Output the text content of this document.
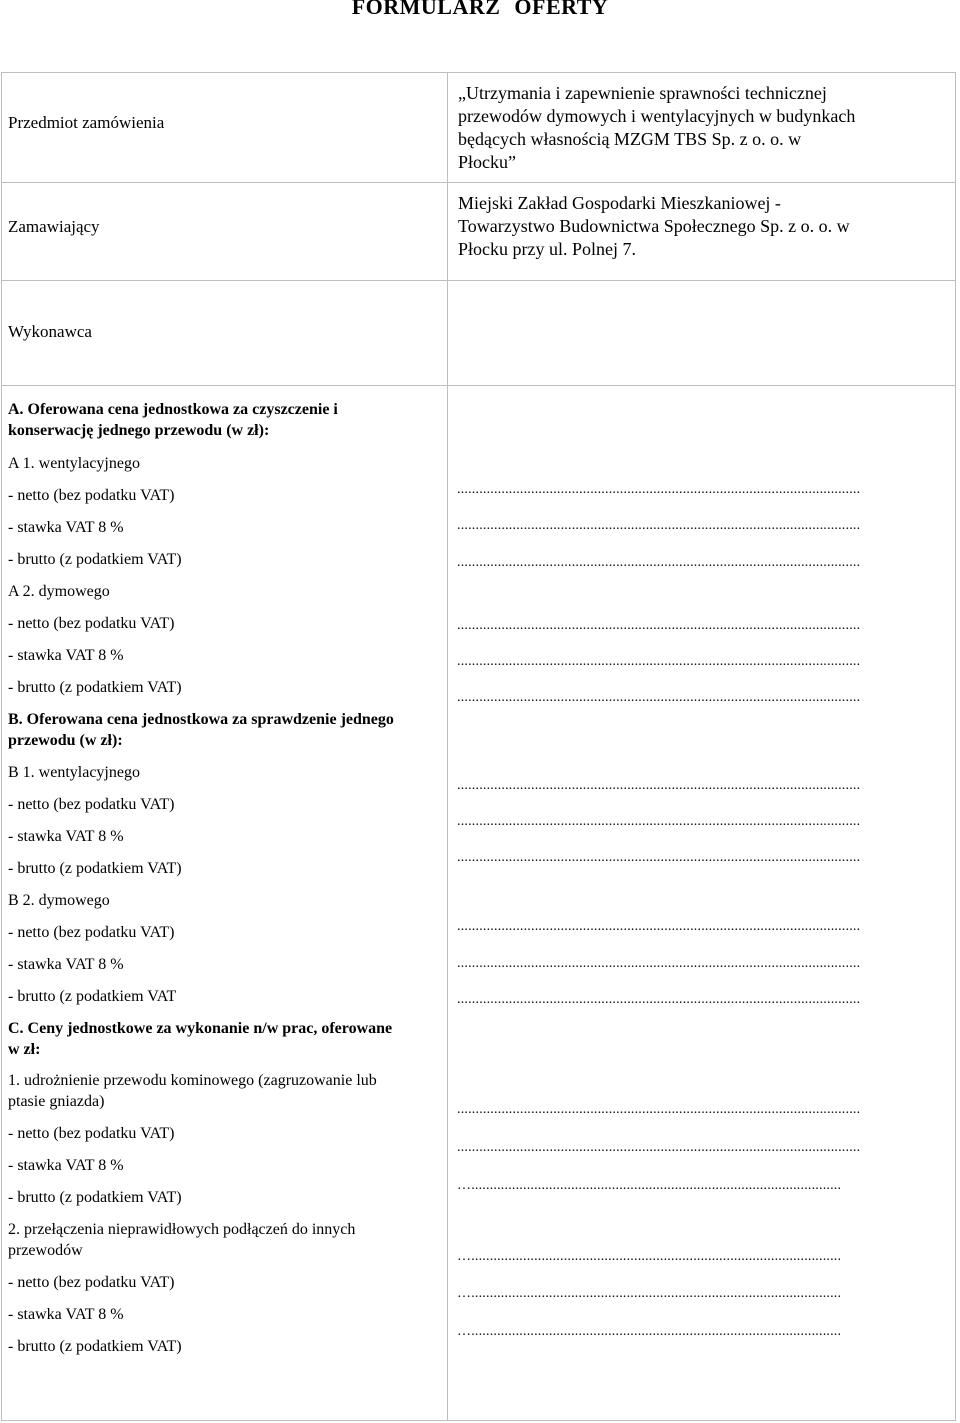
FORMULARZ OFERTY
Przedmiot zamówienia
„Utrzymania i zapewnienie sprawności technicznej
przewodów dymowych i wentylacyjnych w budynkach
będących własnością MZGM TBS Sp. z o. o. w
Płocku”
Zamawiający
Miejski Zakład Gospodarki Mieszkaniowej -
Towarzystwo Budownictwa Społecznego Sp. z o. o. w
Płocku przy ul. Polnej 7.
Wykonawca
A. Oferowana cena jednostkowa za czyszczenie i
konserwację jednego przewodu (w zł):
A 1. wentylacyjnego
- netto (bez podatku VAT)
- stawka VAT 8 %
- brutto (z podatkiem VAT)
A 2. dymowego
- netto (bez podatku VAT)
- stawka VAT 8 %
- brutto (z podatkiem VAT)
.............................................................................................................
.............................................................................................................
.............................................................................................................
.............................................................................................................
.............................................................................................................
.............................................................................................................
B. Oferowana cena jednostkowa za sprawdzenie jednego
przewodu (w zł):
B 1. wentylacyjnego
- netto (bez podatku VAT)
- stawka VAT 8 %
- brutto (z podatkiem VAT)
B 2. dymowego
- netto (bez podatku VAT)
- stawka VAT 8 %
- brutto (z podatkiem VAT
.............................................................................................................
.............................................................................................................
.............................................................................................................
.............................................................................................................
.............................................................................................................
.............................................................................................................
C. Ceny jednostkowe za wykonanie n/w prac, oferowane
w zł:
1. udrożnienie przewodu kominowego (zagruzowanie lub
ptasie gniazda)
- netto (bez podatku VAT)
- stawka VAT 8 %
- brutto (z podatkiem VAT)
2. przełączenia nieprawidłowych podłączeń do innych
przewodów
- netto (bez podatku VAT)
- stawka VAT 8 %
- brutto (z podatkiem VAT)
.............................................................................................................
.............................................................................................................
…....................................................................................................
…....................................................................................................
…....................................................................................................
…....................................................................................................
